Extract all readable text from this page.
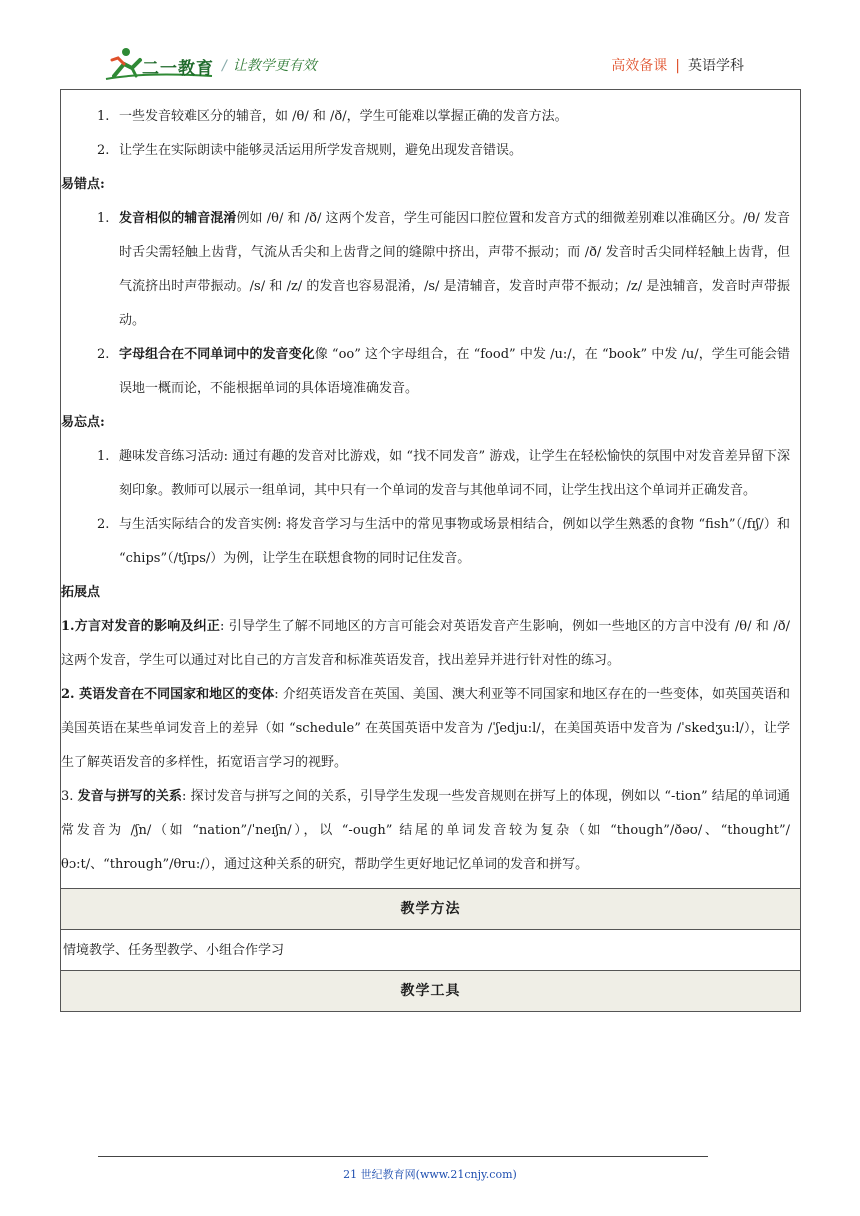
二一教育 / 让教学更有效	高效备课 | 英语学科
1. 一些发音较难区分的辅音，如 /θ/ 和 /ð/，学生可能难以掌握正确的发音方法。
2. 让学生在实际朗读中能够灵活运用所学发音规则，避免出现发音错误。
易错点:
1. 发音相似的辅音混淆例如 /θ/ 和 /ð/ 这两个发音，学生可能因口腔位置和发音方式的细微差别难以准确区分。/θ/ 发音时舌尖需轻触上齿背，气流从舌尖和上齿背之间的缝隙中挤出，声带不振动；而 /ð/ 发音时舌尖同样轻触上齿背，但气流挤出时声带振动。/s/ 和 /z/ 的发音也容易混淆，/s/ 是清辅音，发音时声带不振动；/z/ 是浊辅音，发音时声带振动。
2. 字母组合在不同单词中的发音变化像 “oo” 这个字母组合，在 “food” 中发 /u:/，在 “book” 中发 /u/，学生可能会错误地一概而论，不能根据单词的具体语境准确发音。
易忘点:
1. 趣味发音练习活动: 通过有趣的发音对比游戏，如 “找不同发音” 游戏，让学生在轻松愉快的氛围中对发音差异留下深刻印象。教师可以展示一组单词，其中只有一个单词的发音与其他单词不同，让学生找出这个单词并正确发音。
2. 与生活实际结合的发音实例: 将发音学习与生活中的常见事物或场景相结合，例如以学生熟悉的食物 “fish”（/fɪʃ/）和 “chips”（/tʃɪps/）为例，让学生在联想食物的同时记住发音。
拓展点
1.方言对发音的影响及纠正: 引导学生了解不同地区的方言可能会对英语发音产生影响，例如一些地区的方言中没有 /θ/ 和 /ð/ 这两个发音，学生可以通过对比自己的方言发音和标准英语发音，找出差异并进行针对性的练习。
2. 英语发音在不同国家和地区的变体: 介绍英语发音在英国、美国、澳大利亚等不同国家和地区存在的一些变体，如英国英语和美国英语在某些单词发音上的差异（如 “schedule” 在英国英语中发音为 /ˈʃedju:l/，在美国英语中发音为 /ˈskedʒu:l/），让学生了解英语发音的多样性，拓宽语言学习的视野。
3. 发音与拼写的关系: 探讨发音与拼写之间的关系，引导学生发现一些发音规则在拼写上的体现，例如以 “-tion” 结尾的单词通常发音为 /ʃn/（如 “nation”/ˈneɪʃn/），以 “-ough” 结尾的单词发音较为复杂（如 “though”/ðəʊ/、“thought”/θɔ:t/、“through”/θru:/），通过这种关系的研究，帮助学生更好地记忆单词的发音和拼写。
教学方法
情境教学、任务型教学、小组合作学习
教学工具
21 世纪教育网(www.21cnjy.com)
